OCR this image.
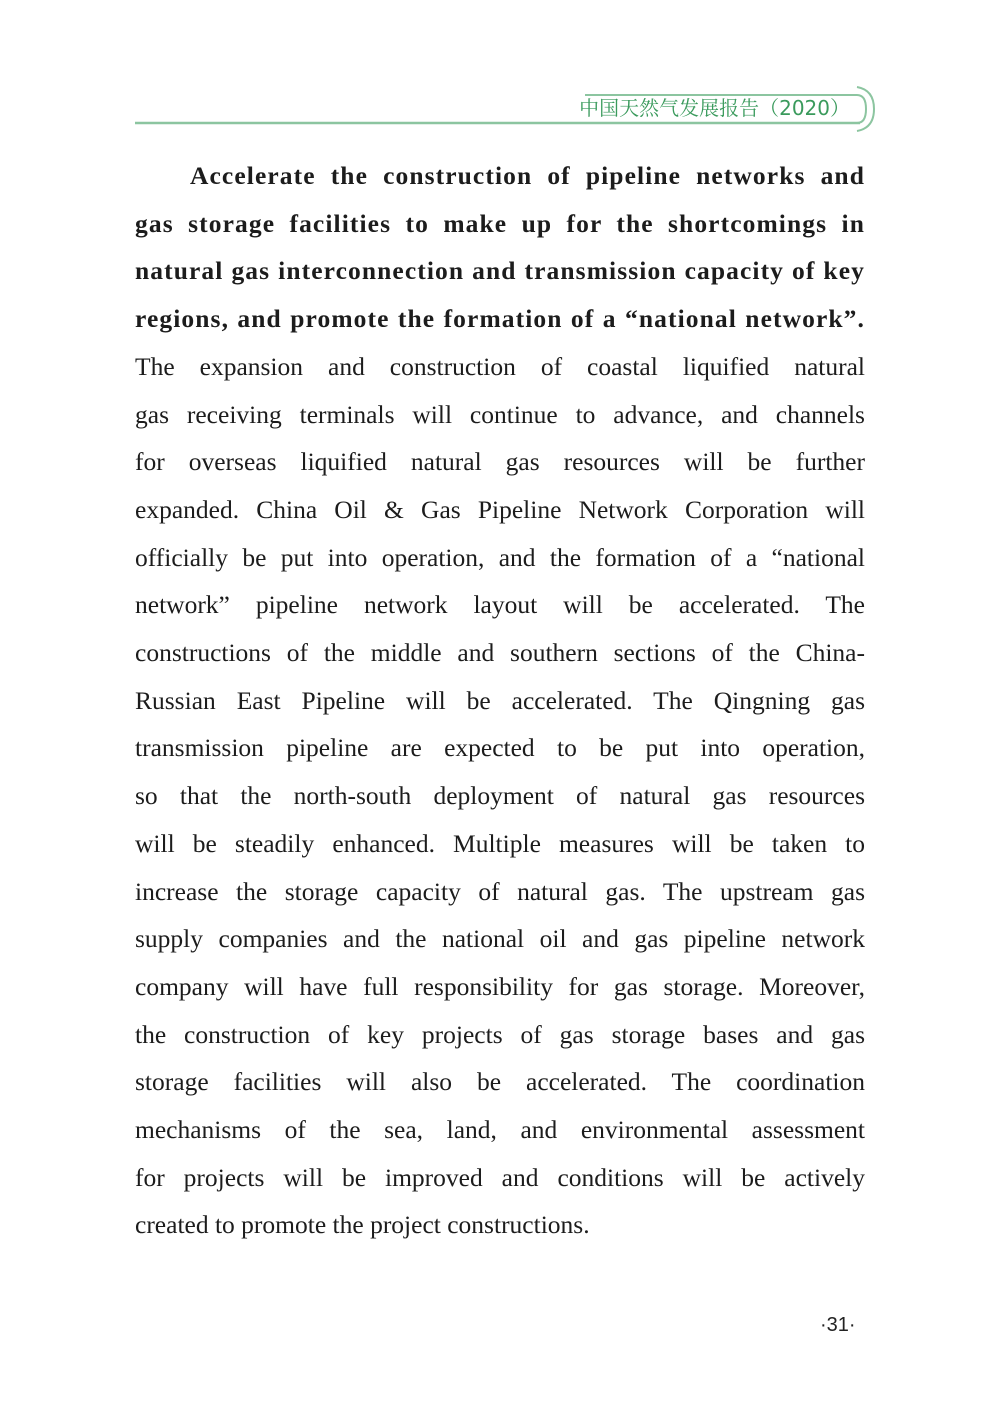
中国天然气发展报告（2020）
Accelerate the construction of pipeline networks and
gas storage facilities to make up for the shortcomings in
natural gas interconnection and transmission capacity of key
regions, and promote the formation of a “national network”.
The expansion and construction of coastal liquified natural
gas receiving terminals will continue to advance, and channels
for overseas liquified natural gas resources will be further
expanded. China Oil & Gas Pipeline Network Corporation will
officially be put into operation, and the formation of a “national
network” pipeline network layout will be accelerated. The
constructions of the middle and southern sections of the China-
Russian East Pipeline will be accelerated. The Qingning gas
transmission pipeline are expected to be put into operation,
so that the north-south deployment of natural gas resources
will be steadily enhanced. Multiple measures will be taken to
increase the storage capacity of natural gas. The upstream gas
supply companies and the national oil and gas pipeline network
company will have full responsibility for gas storage. Moreover,
the construction of key projects of gas storage bases and gas
storage facilities will also be accelerated. The coordination
mechanisms of the sea, land, and environmental assessment
for projects will be improved and conditions will be actively
created to promote the project constructions.
·31·
